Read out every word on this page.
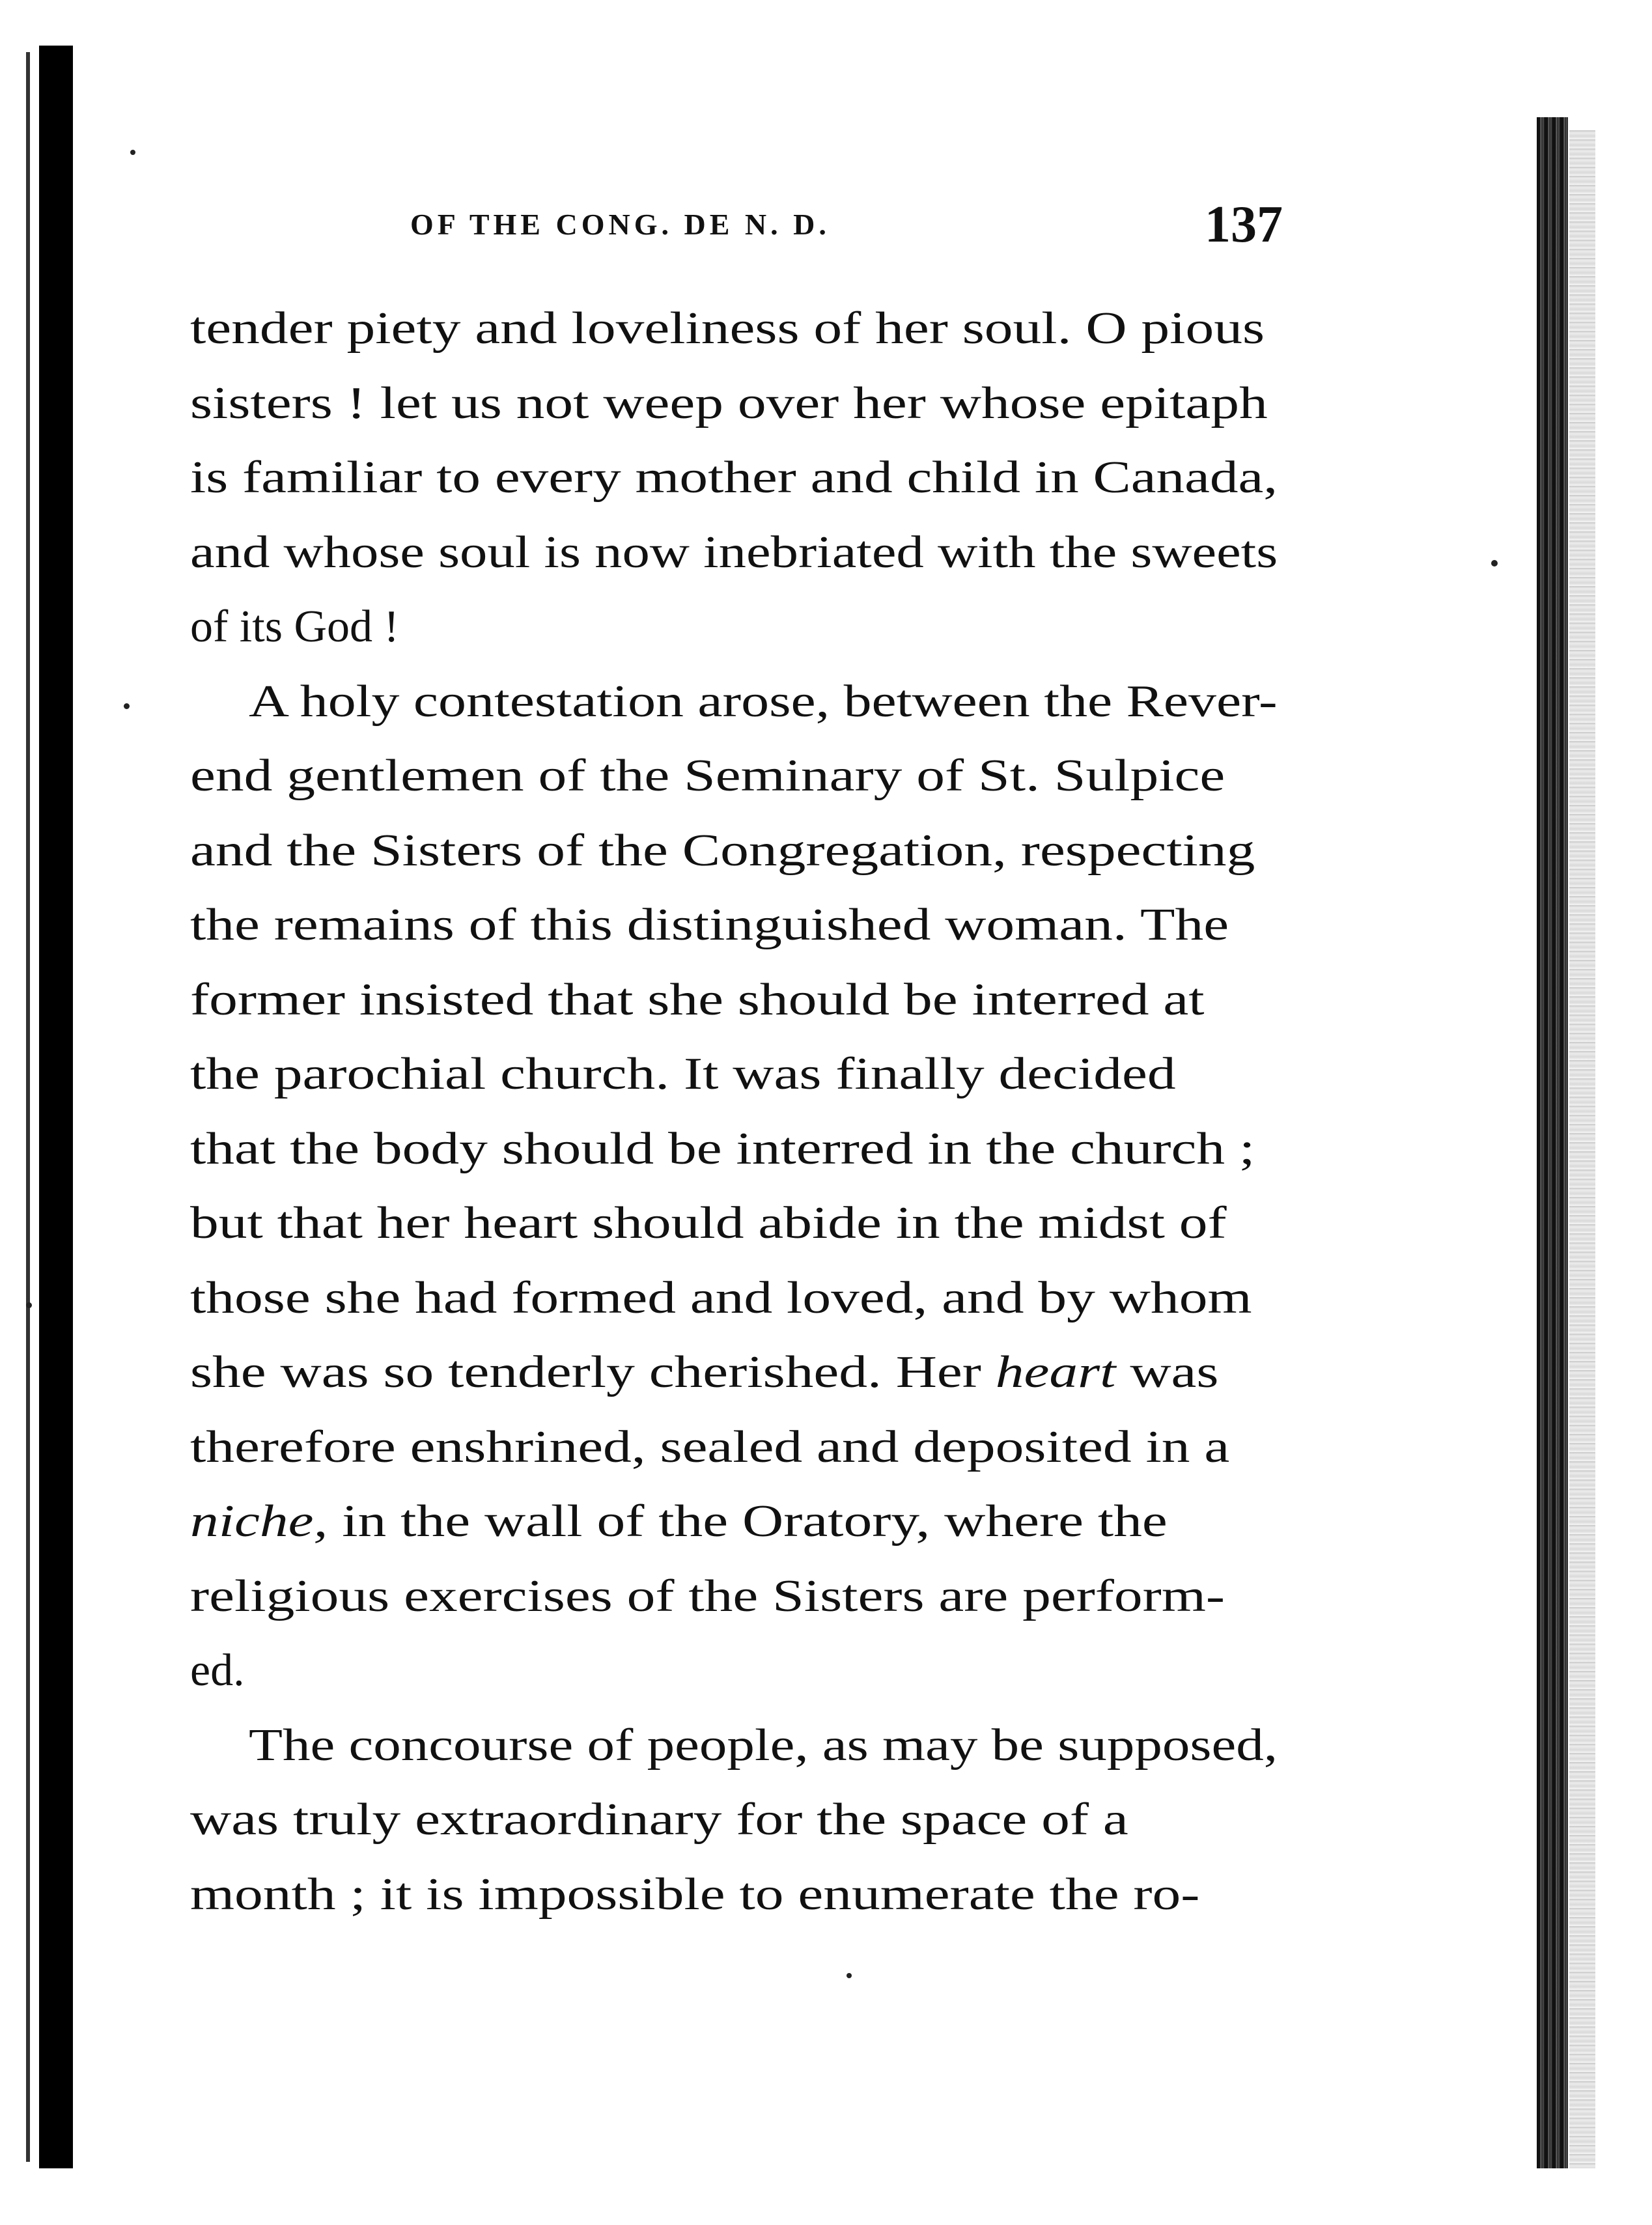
OF THE CONG. DE N. D.	137
tender piety and loveliness of her soul. O pious
sisters ! let us not weep over her whose epitaph
is familiar to every mother and child in Canada,
and whose soul is now inebriated with the sweets
of its God !
A holy contestation arose, between the Rever-
end gentlemen of the Seminary of St. Sulpice
and the Sisters of the Congregation, respecting
the remains of this distinguished woman. The
former insisted that she should be interred at
the parochial church. It was finally decided
that the body should be interred in the church ;
but that her heart should abide in the midst of
those she had formed and loved, and by whom
she was so tenderly cherished. Her heart was
therefore enshrined, sealed and deposited in a
niche, in the wall of the Oratory, where the
religious exercises of the Sisters are perform-
ed.
The concourse of people, as may be supposed,
was truly extraordinary for the space of a
month ; it is impossible to enumerate the ro-
